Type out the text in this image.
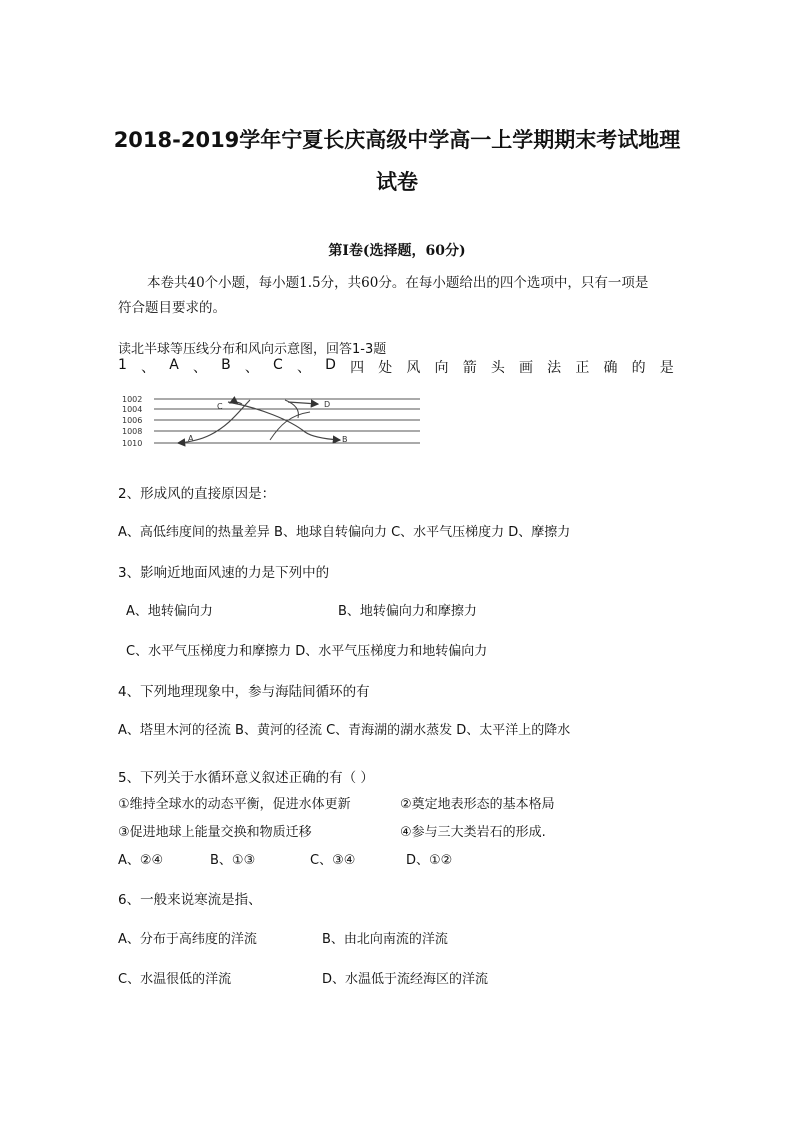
2018-2019学年宁夏长庆高级中学高一上学期期末考试地理
试卷
第Ⅰ卷(选择题，60分)
本卷共40个小题，每小题1.5分，共60分。在每小题给出的四个选项中，只有一项是
符合题目要求的。
读北半球等压线分布和风向示意图，回答1-3题
1 、 A 、 B 、 C 、 D 四 处 风 向 箭 头 画 法 正 确 的 是
1002
1004
1006
1008
1010
C	D
A	B
2、形成风的直接原因是：
A、高低纬度间的热量差异 B、地球自转偏向力 C、水平气压梯度力 D、摩擦力
3、影响近地面风速的力是下列中的
A、地转偏向力	B、地转偏向力和摩擦力
C、水平气压梯度力和摩擦力 D、水平气压梯度力和地转偏向力
4、下列地理现象中，参与海陆间循环的有
A、塔里木河的径流 B、黄河的径流 C、青海湖的湖水蒸发 D、太平洋上的降水
5、下列关于水循环意义叙述正确的有（ ）
①维持全球水的动态平衡，促进水体更新	②奠定地表形态的基本格局
③促进地球上能量交换和物质迁移	④参与三大类岩石的形成.
A、②④	B、①③	C、③④	D、①②
6、一般来说寒流是指、
A、分布于高纬度的洋流	B、由北向南流的洋流
C、水温很低的洋流	D、水温低于流经海区的洋流
